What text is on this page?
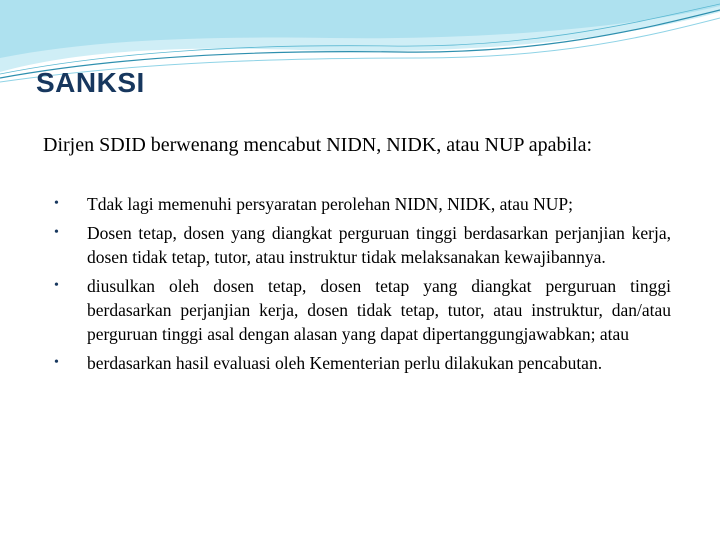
SANKSI

Dirjen SDID berwenang mencabut NIDN, NIDK, atau NUP apabila:

• Tdak lagi memenuhi persyaratan perolehan NIDN, NIDK, atau NUP;
• Dosen tetap, dosen yang diangkat perguruan tinggi berdasarkan perjanjian kerja, dosen tidak tetap, tutor, atau instruktur tidak melaksanakan kewajibannya.
• diusulkan oleh dosen tetap, dosen tetap yang diangkat perguruan tinggi berdasarkan perjanjian kerja, dosen tidak tetap, tutor, atau instruktur, dan/atau perguruan tinggi asal dengan alasan yang dapat dipertanggungjawabkan; atau
• berdasarkan hasil evaluasi oleh Kementerian perlu dilakukan pencabutan.
